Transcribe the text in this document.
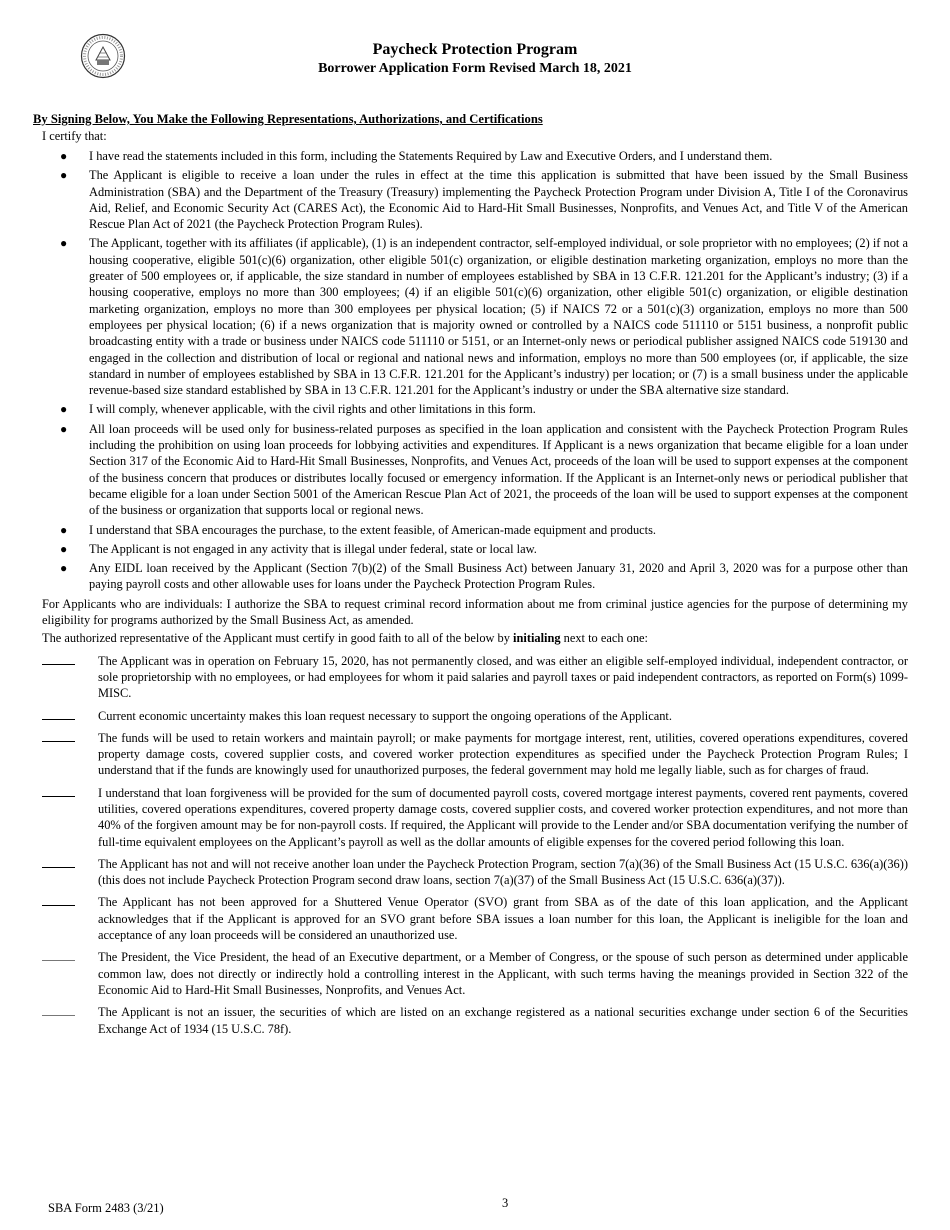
Paycheck Protection Program
Borrower Application Form Revised March 18, 2021
By Signing Below, You Make the Following Representations, Authorizations, and Certifications
I certify that:
● I have read the statements included in this form, including the Statements Required by Law and Executive Orders, and I understand them.
● The Applicant is eligible to receive a loan under the rules in effect at the time this application is submitted that have been issued by the Small Business Administration (SBA) and the Department of the Treasury (Treasury) implementing the Paycheck Protection Program under Division A, Title I of the Coronavirus Aid, Relief, and Economic Security Act (CARES Act), the Economic Aid to Hard-Hit Small Businesses, Nonprofits, and Venues Act, and Title V of the American Rescue Plan Act of 2021 (the Paycheck Protection Program Rules).
● The Applicant, together with its affiliates (if applicable), (1) is an independent contractor, self-employed individual, or sole proprietor with no employees; (2) if not a housing cooperative, eligible 501(c)(6) organization, other eligible 501(c) organization, or eligible destination marketing organization, employs no more than the greater of 500 employees or, if applicable, the size standard in number of employees established by SBA in 13 C.F.R. 121.201 for the Applicant’s industry; (3) if a housing cooperative, employs no more than 300 employees; (4) if an eligible 501(c)(6) organization, other eligible 501(c) organization, or eligible destination marketing organization, employs no more than 300 employees per physical location; (5) if NAICS 72 or a 501(c)(3) organization, employs no more than 500 employees per physical location; (6) if a news organization that is majority owned or controlled by a NAICS code 511110 or 5151 business, a nonprofit public broadcasting entity with a trade or business under NAICS code 511110 or 5151, or an Internet-only news or periodical publisher assigned NAICS code 519130 and engaged in the collection and distribution of local or regional and national news and information, employs no more than 500 employees (or, if applicable, the size standard in number of employees established by SBA in 13 C.F.R. 121.201 for the Applicant’s industry) per location; or (7) is a small business under the applicable revenue-based size standard established by SBA in 13 C.F.R. 121.201 for the Applicant’s industry or under the SBA alternative size standard.
● I will comply, whenever applicable, with the civil rights and other limitations in this form.
● All loan proceeds will be used only for business-related purposes as specified in the loan application and consistent with the Paycheck Protection Program Rules including the prohibition on using loan proceeds for lobbying activities and expenditures. If Applicant is a news organization that became eligible for a loan under Section 317 of the Economic Aid to Hard-Hit Small Businesses, Nonprofits, and Venues Act, proceeds of the loan will be used to support expenses at the component of the business concern that produces or distributes locally focused or emergency information. If the Applicant is an Internet-only news or periodical publisher that became eligible for a loan under Section 5001 of the American Rescue Plan Act of 2021, the proceeds of the loan will be used to support expenses at the component of the business or organization that supports local or regional news.
● I understand that SBA encourages the purchase, to the extent feasible, of American-made equipment and products.
● The Applicant is not engaged in any activity that is illegal under federal, state or local law.
● Any EIDL loan received by the Applicant (Section 7(b)(2) of the Small Business Act) between January 31, 2020 and April 3, 2020 was for a purpose other than paying payroll costs and other allowable uses for loans under the Paycheck Protection Program Rules.
For Applicants who are individuals: I authorize the SBA to request criminal record information about me from criminal justice agencies for the purpose of determining my eligibility for programs authorized by the Small Business Act, as amended.
The authorized representative of the Applicant must certify in good faith to all of the below by initialing next to each one:
The Applicant was in operation on February 15, 2020, has not permanently closed, and was either an eligible self-employed individual, independent contractor, or sole proprietorship with no employees, or had employees for whom it paid salaries and payroll taxes or paid independent contractors, as reported on Form(s) 1099-MISC.
Current economic uncertainty makes this loan request necessary to support the ongoing operations of the Applicant.
The funds will be used to retain workers and maintain payroll; or make payments for mortgage interest, rent, utilities, covered operations expenditures, covered property damage costs, covered supplier costs, and covered worker protection expenditures as specified under the Paycheck Protection Program Rules; I understand that if the funds are knowingly used for unauthorized purposes, the federal government may hold me legally liable, such as for charges of fraud.
I understand that loan forgiveness will be provided for the sum of documented payroll costs, covered mortgage interest payments, covered rent payments, covered utilities, covered operations expenditures, covered property damage costs, covered supplier costs, and covered worker protection expenditures, and not more than 40% of the forgiven amount may be for non-payroll costs. If required, the Applicant will provide to the Lender and/or SBA documentation verifying the number of full-time equivalent employees on the Applicant’s payroll as well as the dollar amounts of eligible expenses for the covered period following this loan.
The Applicant has not and will not receive another loan under the Paycheck Protection Program, section 7(a)(36) of the Small Business Act (15 U.S.C. 636(a)(36)) (this does not include Paycheck Protection Program second draw loans, section 7(a)(37) of the Small Business Act (15 U.S.C. 636(a)(37)).
The Applicant has not been approved for a Shuttered Venue Operator (SVO) grant from SBA as of the date of this loan application, and the Applicant acknowledges that if the Applicant is approved for an SVO grant before SBA issues a loan number for this loan, the Applicant is ineligible for the loan and acceptance of any loan proceeds will be considered an unauthorized use.
The President, the Vice President, the head of an Executive department, or a Member of Congress, or the spouse of such person as determined under applicable common law, does not directly or indirectly hold a controlling interest in the Applicant, with such terms having the meanings provided in Section 322 of the Economic Aid to Hard-Hit Small Businesses, Nonprofits, and Venues Act.
The Applicant is not an issuer, the securities of which are listed on an exchange registered as a national securities exchange under section 6 of the Securities Exchange Act of 1934 (15 U.S.C. 78f).
SBA Form 2483 (3/21)	3
